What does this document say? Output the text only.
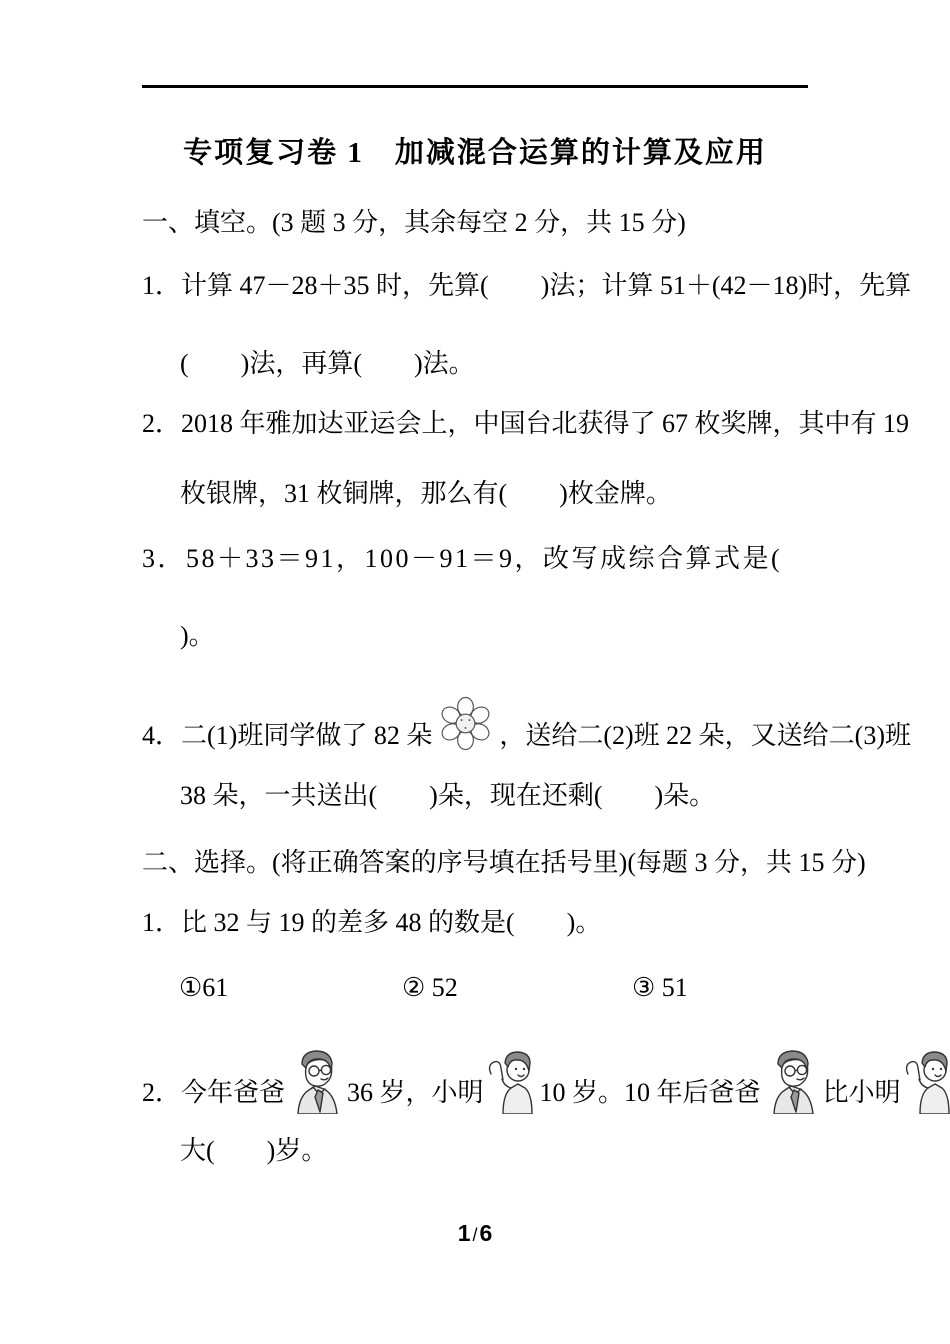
专项复习卷 1　加减混合运算的计算及应用
一、填空。(3 题 3 分，其余每空 2 分，共 15 分)
1．计算 47－28＋35 时，先算(　　)法；计算 51＋(42－18)时，先算
(　　)法，再算(　　)法。
2．2018 年雅加达亚运会上，中国台北获得了 67 枚奖牌，其中有 19
枚银牌，31 枚铜牌，那么有(　　)枚金牌。
3．58＋33＝91，100－91＝9，改写成综合算式是(
)。
4．二(1)班同学做了 82 朵	，送给二(2)班 22 朵，又送给二(3)班
38 朵，一共送出(　　)朵，现在还剩(　　)朵。
二、选择。(将正确答案的序号填在括号里)(每题 3 分，共 15 分)
1．比 32 与 19 的差多 48 的数是(　　)。
①61	② 52	③ 51
2．今年爸爸 36 岁，小明 10 岁。10 年后爸爸 比小明
大(　　)岁。
1 /6
